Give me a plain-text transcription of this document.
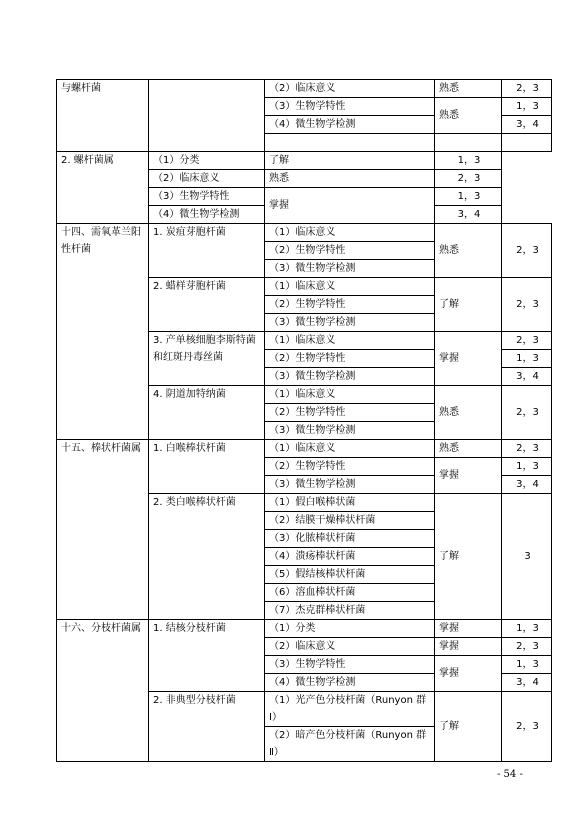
与螺杆菌		（2）临床意义	熟悉	2，3
		（3）生物学特性	熟悉	1，3
		（4）微生物学检测		3，4

2. 螺杆菌属	（1）分类	了解	1，3	
	（2）临床意义	熟悉	2，3	
	（3）生物学特性	掌握	1，3	
	（4）微生物学检测		3，4	
十四、需氧革兰阳性杆菌	1. 炭疽芽胞杆菌	（1）临床意义	熟悉	2，3
		（2）生物学特性		
		（3）微生物学检测		
	2. 蜡样芽胞杆菌	（1）临床意义	了解	2，3
		（2）生物学特性		
		（3）微生物学检测		
	3. 产单核细胞李斯特菌和红斑丹毒丝菌	（1）临床意义	掌握	2，3
		（2）生物学特性		1，3
		（3）微生物学检测		3，4
	4. 阴道加特纳菌	（1）临床意义	熟悉	2，3
		（2）生物学特性		
		（3）微生物学检测		
十五、棒状杆菌属	1. 白喉棒状杆菌	（1）临床意义	熟悉	2，3
		（2）生物学特性	掌握	1，3
		（3）微生物学检测		3，4
	2. 类白喉棒状杆菌	（1）假白喉棒状菌	了解	3
		（2）结膜干燥棒状杆菌		
		（3）化脓棒状杆菌		
		（4）溃疡棒状杆菌		
		（5）假结核棒状杆菌		
		（6）溶血棒状杆菌		
		（7）杰克群棒状杆菌		
十六、分枝杆菌属	1. 结核分枝杆菌	（1）分类	掌握	1，3
		（2）临床意义	掌握	2，3
		（3）生物学特性	掌握	1，3
		（4）微生物学检测		3，4
	2. 非典型分枝杆菌	（1）光产色分枝杆菌（Runyon 群Ⅰ）	了解	2，3
		（2）暗产色分枝杆菌（Runyon 群Ⅱ）		
- 54 -
